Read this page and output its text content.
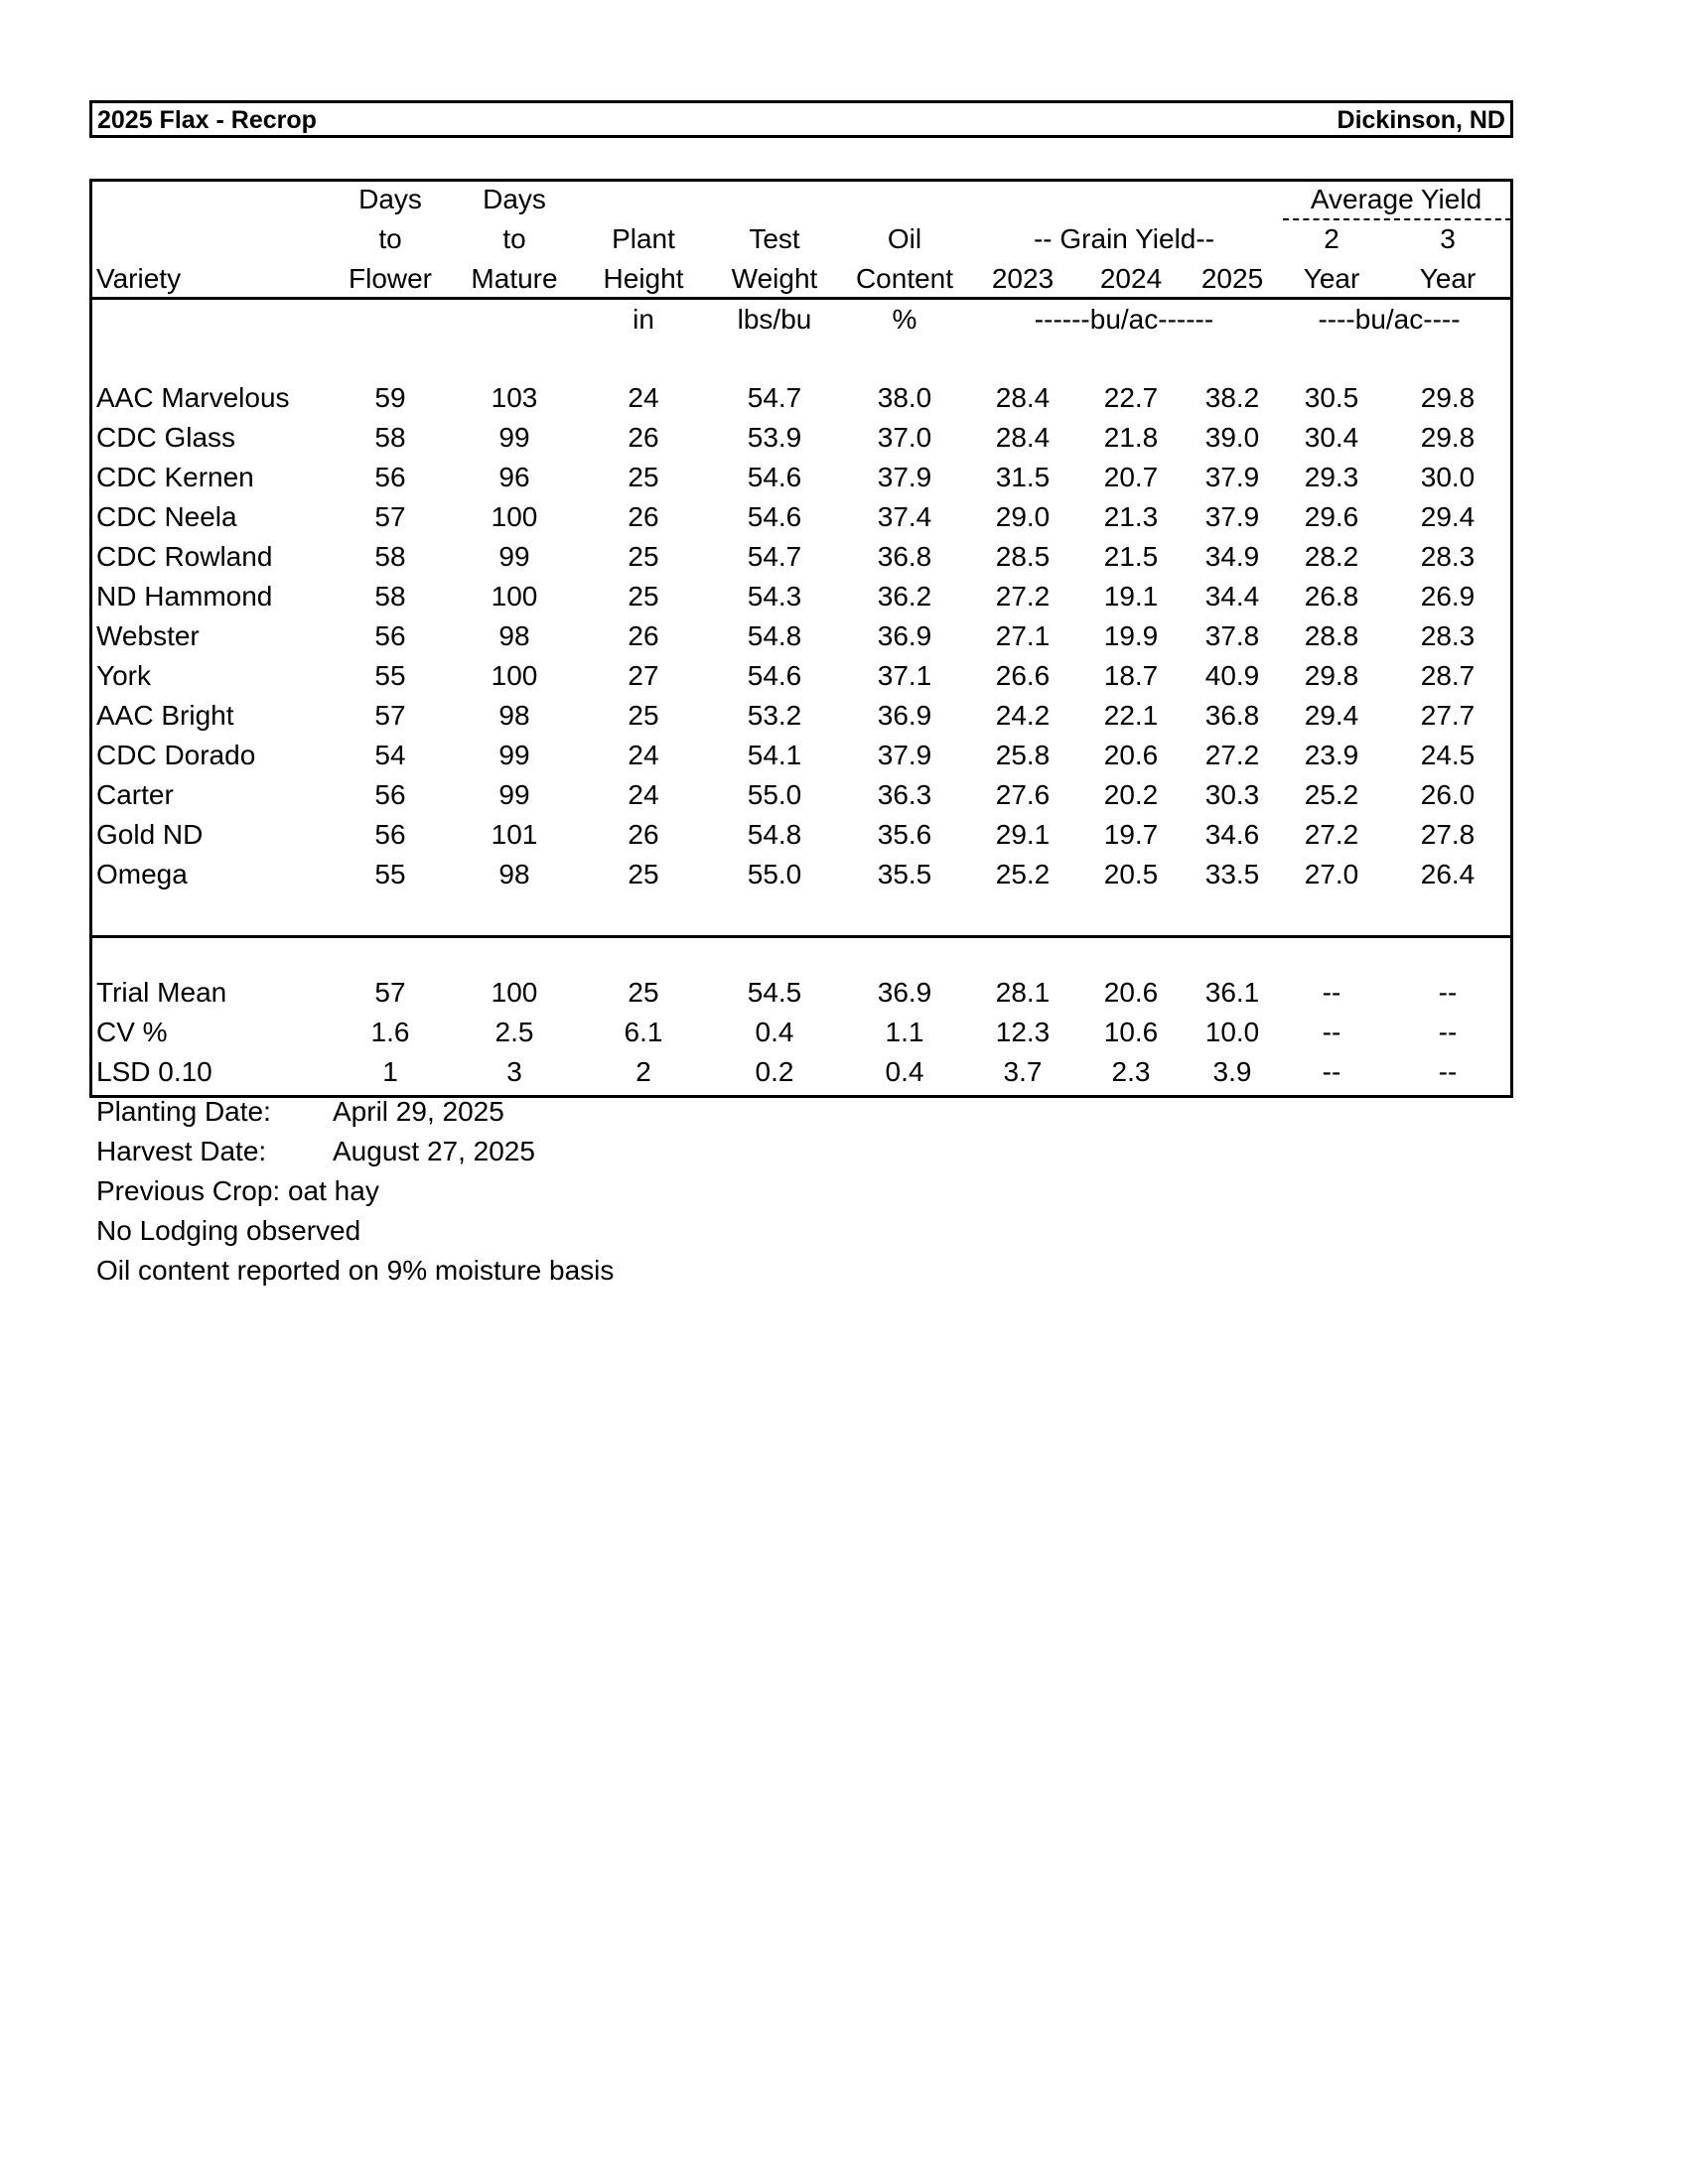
2025 Flax - Recrop	Dickinson, ND
Days Days	Average Yield
to	to	Plant	Test	Oil	-- Grain Yield--	2	3
Variety	Flower Mature Height Weight Content 2023 2024 2025 Year Year
in	lbs/bu	%	------bu/ac------	----bu/ac----
AAC Marvelous	59	103	24	54.7	38.0 28.4 22.7 38.2 30.5 29.8
CDC Glass	58	99	26	53.9	37.0 28.4 21.8 39.0 30.4 29.8
CDC Kernen	56	96	25	54.6	37.9 31.5 20.7 37.9 29.3 30.0
CDC Neela	57	100	26	54.6	37.4 29.0 21.3 37.9 29.6 29.4
CDC Rowland	58	99	25	54.7	36.8 28.5 21.5 34.9 28.2 28.3
ND Hammond	58	100	25	54.3	36.2 27.2 19.1 34.4 26.8 26.9
Webster	56	98	26	54.8	36.9 27.1 19.9 37.8 28.8 28.3
York	55	100	27	54.6	37.1 26.6 18.7 40.9 29.8 28.7
AAC Bright	57	98	25	53.2	36.9 24.2 22.1 36.8 29.4 27.7
CDC Dorado	54	99	24	54.1	37.9 25.8 20.6 27.2 23.9 24.5
Carter	56	99	24	55.0	36.3 27.6 20.2 30.3 25.2 26.0
Gold ND	56	101	26	54.8	35.6 29.1 19.7 34.6 27.2 27.8
Omega	55	98	25	55.0	35.5 25.2 20.5 33.5 27.0 26.4
Trial Mean	57	100	25	54.5	36.9 28.1 20.6 36.1 --	--
CV %	1.6	2.5	6.1	0.4	1.1	12.3 10.6 10.0 --	--
LSD 0.10	1	3	2	0.2	0.4	3.7	2.3 3.9	--	--
Planting Date: April 29, 2025
Harvest Date: August 27, 2025
Previous Crop: oat hay
No Lodging observed
Oil content reported on 9% moisture basis
